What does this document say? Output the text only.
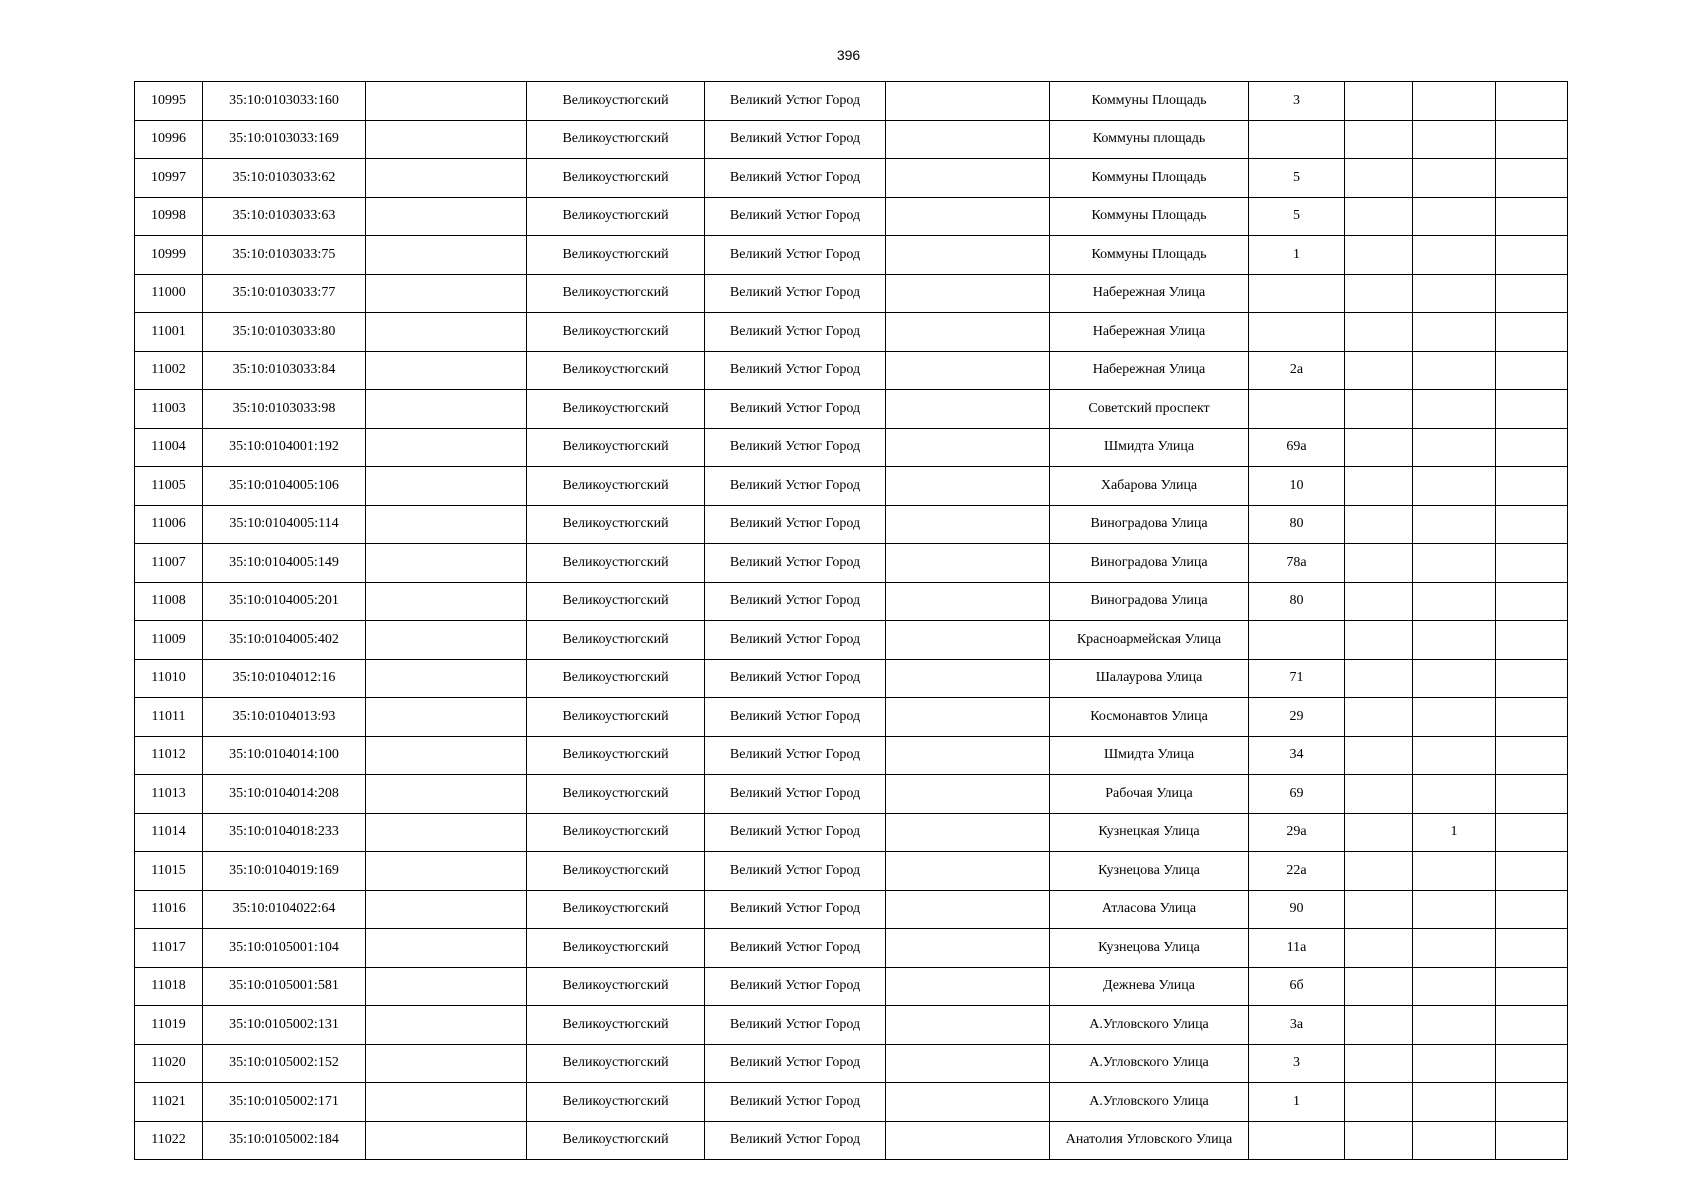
396
10995	35:10:0103033:160		Великоустюгский	Великий Устюг Город		Коммуны Площадь	3			
10996	35:10:0103033:169		Великоустюгский	Великий Устюг Город		Коммуны площадь				
10997	35:10:0103033:62		Великоустюгский	Великий Устюг Город		Коммуны Площадь	5			
10998	35:10:0103033:63		Великоустюгский	Великий Устюг Город		Коммуны Площадь	5			
10999	35:10:0103033:75		Великоустюгский	Великий Устюг Город		Коммуны Площадь	1			
11000	35:10:0103033:77		Великоустюгский	Великий Устюг Город		Набережная Улица				
11001	35:10:0103033:80		Великоустюгский	Великий Устюг Город		Набережная Улица				
11002	35:10:0103033:84		Великоустюгский	Великий Устюг Город		Набережная Улица	2а			
11003	35:10:0103033:98		Великоустюгский	Великий Устюг Город		Советский проспект				
11004	35:10:0104001:192		Великоустюгский	Великий Устюг Город		Шмидта Улица	69а			
11005	35:10:0104005:106		Великоустюгский	Великий Устюг Город		Хабарова Улица	10			
11006	35:10:0104005:114		Великоустюгский	Великий Устюг Город		Виноградова Улица	80			
11007	35:10:0104005:149		Великоустюгский	Великий Устюг Город		Виноградова Улица	78а			
11008	35:10:0104005:201		Великоустюгский	Великий Устюг Город		Виноградова Улица	80			
11009	35:10:0104005:402		Великоустюгский	Великий Устюг Город		Красноармейская Улица				
11010	35:10:0104012:16		Великоустюгский	Великий Устюг Город		Шалаурова Улица	71			
11011	35:10:0104013:93		Великоустюгский	Великий Устюг Город		Космонавтов Улица	29			
11012	35:10:0104014:100		Великоустюгский	Великий Устюг Город		Шмидта Улица	34			
11013	35:10:0104014:208		Великоустюгский	Великий Устюг Город		Рабочая Улица	69			
11014	35:10:0104018:233		Великоустюгский	Великий Устюг Город		Кузнецкая Улица	29а		1	
11015	35:10:0104019:169		Великоустюгский	Великий Устюг Город		Кузнецова Улица	22а			
11016	35:10:0104022:64		Великоустюгский	Великий Устюг Город		Атласова Улица	90			
11017	35:10:0105001:104		Великоустюгский	Великий Устюг Город		Кузнецова Улица	11а			
11018	35:10:0105001:581		Великоустюгский	Великий Устюг Город		Дежнева Улица	6б			
11019	35:10:0105002:131		Великоустюгский	Великий Устюг Город		А.Угловского Улица	3а			
11020	35:10:0105002:152		Великоустюгский	Великий Устюг Город		А.Угловского Улица	3			
11021	35:10:0105002:171		Великоустюгский	Великий Устюг Город		А.Угловского Улица	1			
11022	35:10:0105002:184		Великоустюгский	Великий Устюг Город		Анатолия Угловского Улица				
